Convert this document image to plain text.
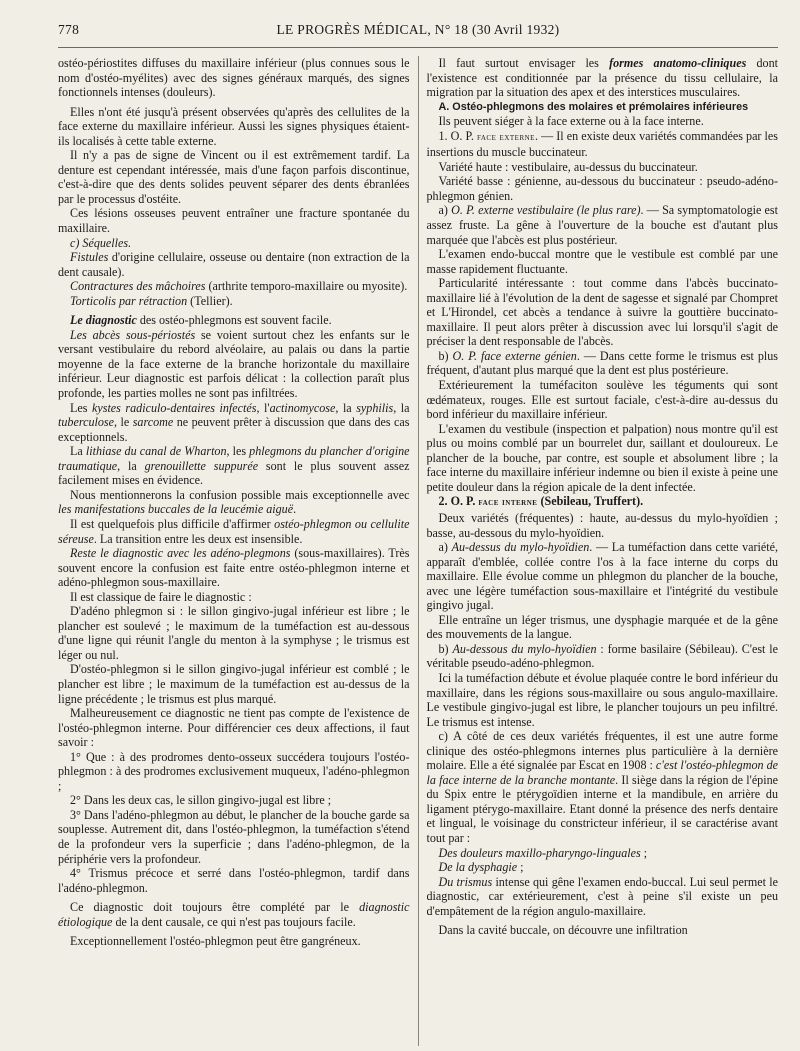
778	LE PROGRÈS MÉDICAL, N° 18 (30 Avril 1932)

ostéo-périostites diffuses du maxillaire inférieur (plus connues sous le nom d'ostéo-myélites) avec des signes généraux marqués, des signes fonctionnels intenses (douleurs).

Elles n'ont été jusqu'à présent observées qu'après des cellulites de la face externe du maxillaire inférieur. Aussi les signes physiques étaient-ils localisés à cette table externe.

Il n'y a pas de signe de Vincent ou il est extrêmement tardif. La denture est cependant intéressée, mais d'une façon parfois discontinue, c'est-à-dire que des dents solides peuvent séparer des dents ébranlées par le processus d'ostéite.

Ces lésions osseuses peuvent entraîner une fracture spontanée du maxillaire.

c) Séquelles.

Fistules d'origine cellulaire, osseuse ou dentaire (non extraction de la dent causale).

Contractures des mâchoires (arthrite temporo-maxillaire ou myosite).

Torticolis par rétraction (Tellier).

Le diagnostic des ostéo-phlegmons est souvent facile.

Les abcès sous-périostés se voient surtout chez les enfants sur le versant vestibulaire du rebord alvéolaire, au palais ou dans la partie moyenne de la face externe de la branche horizontale du maxillaire inférieur. Leur diagnostic est parfois délicat : la collection paraît plus profonde, les parties molles ne sont pas infiltrées.

Les kystes radiculo-dentaires infectés, l'actinomycose, la syphilis, la tuberculose, le sarcome ne peuvent prêter à discussion que dans des cas exceptionnels.

La lithiase du canal de Wharton, les phlegmons du plancher d'origine traumatique, la grenouillette suppurée sont le plus souvent assez facilement mises en évidence.

Nous mentionnerons la confusion possible mais exceptionnelle avec les manifestations buccales de la leucémie aiguë.

Il est quelquefois plus difficile d'affirmer ostéo-phlegmon ou cellulite séreuse. La transition entre les deux est insensible.

Reste le diagnostic avec les adéno-plegmons (sous-maxillaires). Très souvent encore la confusion est faite entre ostéo-phlegmon interne et adéno-phlegmon sous-maxillaire.

Il est classique de faire le diagnostic :

D'adéno phlegmon si : le sillon gingivo-jugal inférieur est libre ; le plancher est soulevé ; le maximum de la tuméfaction est au-dessous d'une ligne qui réunit l'angle du menton à la symphyse ; le trismus est léger ou nul.

D'ostéo-phlegmon si le sillon gingivo-jugal inférieur est comblé ; le plancher est libre ; le maximum de la tuméfaction est au-dessus de la ligne précédente ; le trismus est plus marqué.

Malheureusement ce diagnostic ne tient pas compte de l'existence de l'ostéo-phlegmon interne. Pour différencier ces deux affections, il faut savoir :

1° Que : à des prodromes dento-osseux succédera toujours l'ostéo-phlegmon : à des prodromes exclusivement muqueux, l'adéno-phlegmon ;

2° Dans les deux cas, le sillon gingivo-jugal est libre ;

3° Dans l'adéno-phlegmon au début, le plancher de la bouche garde sa souplesse. Autrement dit, dans l'ostéo-phlegmon, la tuméfaction s'étend de la profondeur vers la superficie ; dans l'adéno-phlegmon, de la périphérie vers la profondeur.

4° Trismus précoce et serré dans l'ostéo-phlegmon, tardif dans l'adéno-phlegmon.

Ce diagnostic doit toujours être complété par le diagnostic étiologique de la dent causale, ce qui n'est pas toujours facile.

Exceptionnellement l'ostéo-phlegmon peut être gangréneux.

Il faut surtout envisager les formes anatomo-cliniques dont l'existence est conditionnée par la présence du tissu cellulaire, la migration par la situation des apex et des interstices musculaires.

A. Ostéo-phlegmons des molaires et prémolaires inférieures

Ils peuvent siéger à la face externe ou à la face interne.

1. O. P. face externe. — Il en existe deux variétés commandées par les insertions du muscle buccinateur.

Variété haute : vestibulaire, au-dessus du buccinateur.

Variété basse : génienne, au-dessous du buccinateur : pseudo-adéno-phlegmon génien.

a) O. P. externe vestibulaire (le plus rare). — Sa symptomatologie est assez fruste. La gêne à l'ouverture de la bouche est d'autant plus marquée que l'abcès est plus postérieur.

L'examen endo-buccal montre que le vestibule est comblé par une masse rapidement fluctuante.

Particularité intéressante : tout comme dans l'abcès buccinato-maxillaire lié à l'évolution de la dent de sagesse et signalé par Chompret et L'Hirondel, cet abcès a tendance à suivre la gouttière buccinato-maxillaire. Il peut alors prêter à discussion avec lui lorsqu'il s'agit de préciser la dent responsable de l'abcès.

b) O. P. face externe génien. — Dans cette forme le trismus est plus fréquent, d'autant plus marqué que la dent est plus postérieure.

Extérieurement la tuméfaciton soulève les téguments qui sont œdémateux, rouges. Elle est surtout faciale, c'est-à-dire au-dessus du bord inférieur du maxillaire inférieur.

L'examen du vestibule (inspection et palpation) nous montre qu'il est plus ou moins comblé par un bourrelet dur, saillant et douloureux. Le plancher de la bouche, par contre, est souple et absolument libre ; la face interne du maxillaire inférieur indemne ou bien il existe à peine une petite douleur dans la région apicale de la dent infectée.

2. O. P. face interne (Sebileau, Truffert).

Deux variétés (fréquentes) : haute, au-dessus du mylo-hyoïdien ; basse, au-dessous du mylo-hyoïdien.

a) Au-dessus du mylo-hyoïdien. — La tuméfaction dans cette variété, apparaît d'emblée, collée contre l'os à la face interne du corps du maxillaire. Elle évolue comme un phlegmon du plancher de la bouche, avec une légère tuméfaction sous-maxillaire et l'intégrité du vestibule gingivo jugal.

Elle entraîne un léger trismus, une dysphagie marquée et de la gêne des mouvements de la langue.

b) Au-dessous du mylo-hyoïdien : forme basilaire (Sébileau). C'est le véritable pseudo-adéno-phlegmon.

Ici la tuméfaction débute et évolue plaquée contre le bord inférieur du maxillaire, dans les régions sous-maxillaire ou sous angulo-maxillaire. Le vestibule gingivo-jugal est libre, le plancher toujours un peu infiltré. Le trismus est intense.

c) A côté de ces deux variétés fréquentes, il est une autre forme clinique des ostéo-phlegmons internes plus particulière à la dernière molaire. Elle a été signalée par Escat en 1908 : c'est l'ostéo-phlegmon de la face interne de la branche montante. Il siège dans la région de l'épine du Spix entre le ptérygoïdien interne et la mandibule, en arrière du ligament ptérygo-maxillaire. Etant donné la présence des nerfs dentaire et lingual, le voisinage du constricteur inférieur, il se caractérise avant tout par :

Des douleurs maxillo-pharyngo-linguales ;

De la dysphagie ;

Du trismus intense qui gêne l'examen endo-buccal. Lui seul permet le diagnostic, car extérieurement, c'est à peine s'il existe un peu d'empâtement de la région angulo-maxillaire.

Dans la cavité buccale, on découvre une infiltration
